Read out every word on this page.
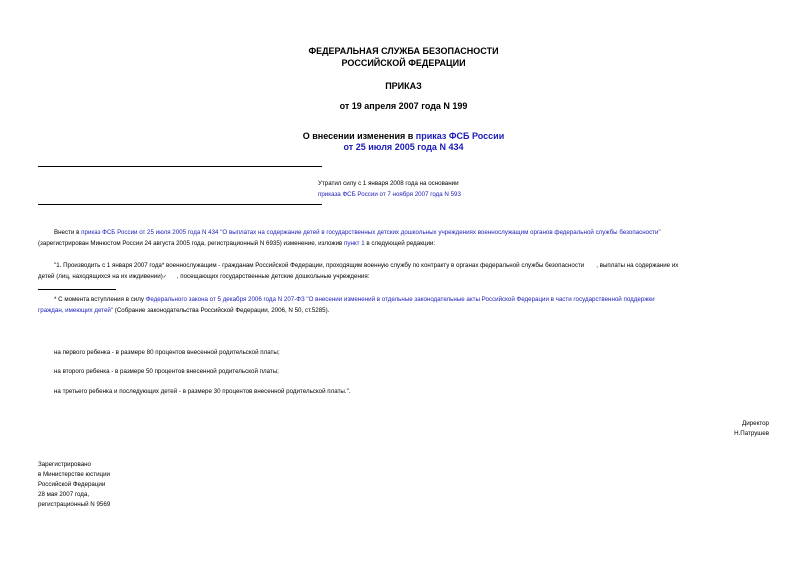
ФЕДЕРАЛЬНАЯ СЛУЖБА БЕЗОПАСНОСТИ
РОССИЙСКОЙ ФЕДЕРАЦИИ
ПРИКАЗ
от 19 апреля 2007 года N 199
О внесении изменения в приказ ФСБ России
от 25 июля 2005 года N 434
Утратил силу с 1 января 2008 года на основании
приказа ФСБ России от 7 ноября 2007 года N 593
Внести в приказ ФСБ России от 25 июля 2005 года N 434 "О выплатах на содержание детей в государственных детских дошкольных учреждениях военнослужащим органов федеральной службы безопасности"
(зарегистрирован Минюстом России 24 августа 2005 года, регистрационный N 6935) изменение, изложив пункт 1 в следующей редакции:
"1. Производить с 1 января 2007 года* военнослужащим - гражданам Российской Федерации, проходящим военную службу по контракту в органах федеральной службы безопасности , выплаты на содержание их
детей (лиц, находящихся на их иждивении)✓ , посещающих государственные детские дошкольные учреждения:
* С момента вступления в силу Федерального закона от 5 декабря 2006 года N 207-ФЗ "О внесении изменений в отдельные законодательные акты Российской Федерации в части государственной поддержки
граждан, имеющих детей" (Собрание законодательства Российской Федерации, 2006, N 50, ст.5285).
на первого ребенка - в размере 80 процентов внесенной родительской платы;
на второго ребенка - в размере 50 процентов внесенной родительской платы;
на третьего ребенка и последующих детей - в размере 30 процентов внесенной родительской платы.".
Директор
Н.Патрушев
Зарегистрировано
в Министерстве юстиции
Российской Федерации
28 мая 2007 года,
регистрационный N 9569
